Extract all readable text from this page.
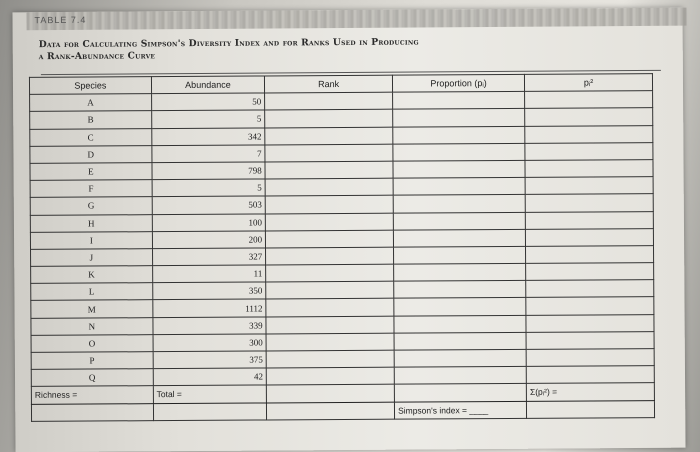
TABLE 7.4
Data for Calculating Simpson's Diversity Index and for Ranks Used in Producing
a Rank-Abundance Curve
Species	Abundance	Rank	Proportion (pᵢ)	pᵢ²
A	50			
B	5			
C	342			
D	7			
E	798			
F	5			
G	503			
H	100			
I	200			
J	327			
K	11			
L	350			
M	1112			
N	339			
O	300			
P	375			
Q	42			
Richness =	Total =			Σ(pᵢ²) =
			Simpson's index = ____	
